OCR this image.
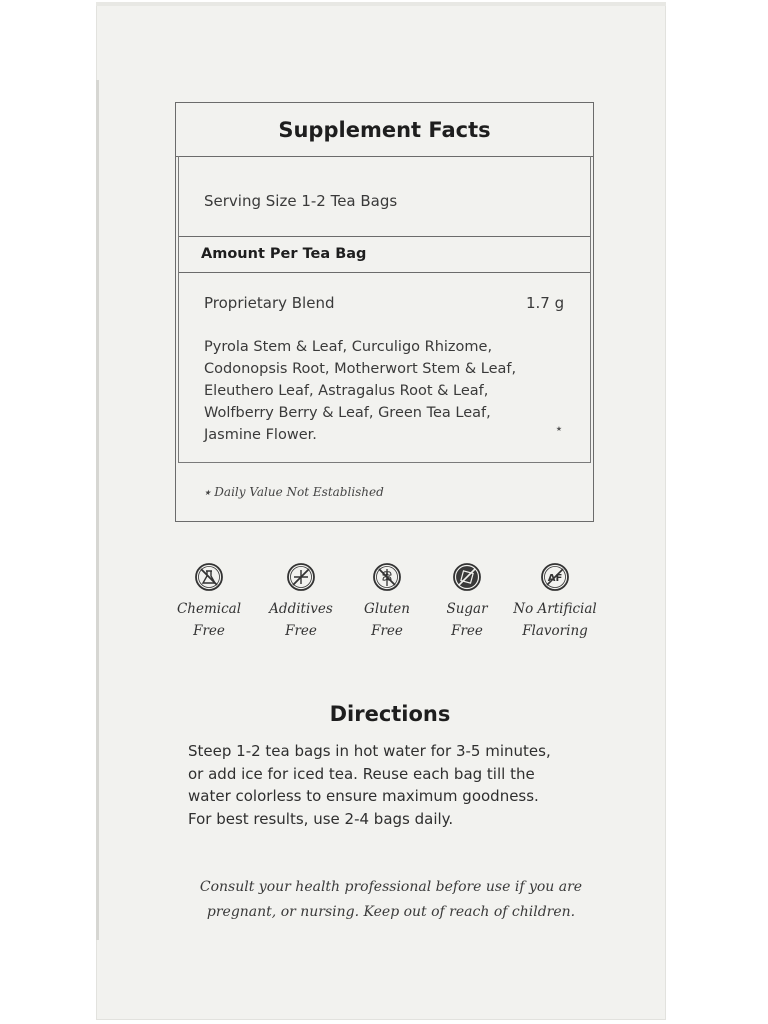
Supplement Facts
Serving Size 1-2 Tea Bags
Amount Per Tea Bag
Proprietary Blend	1.7 g
Pyrola Stem & Leaf, Curculigo Rhizome,
Codonopsis Root, Motherwort Stem & Leaf,
Eleuthero Leaf, Astragalus Root & Leaf,
Wolfberry Berry & Leaf, Green Tea Leaf,
Jasmine Flower.	⭑
⭑ Daily Value Not Established
Chemical
Free
Additives
Free
Gluten
Free
Sugar
Free
AF
No Artificial
Flavoring
Directions
Steep 1-2 tea bags in hot water for 3-5 minutes,
or add ice for iced tea. Reuse each bag till the
water colorless to ensure maximum goodness.
For best results, use 2-4 bags daily.
Consult your health professional before use if you are
pregnant, or nursing. Keep out of reach of children.
